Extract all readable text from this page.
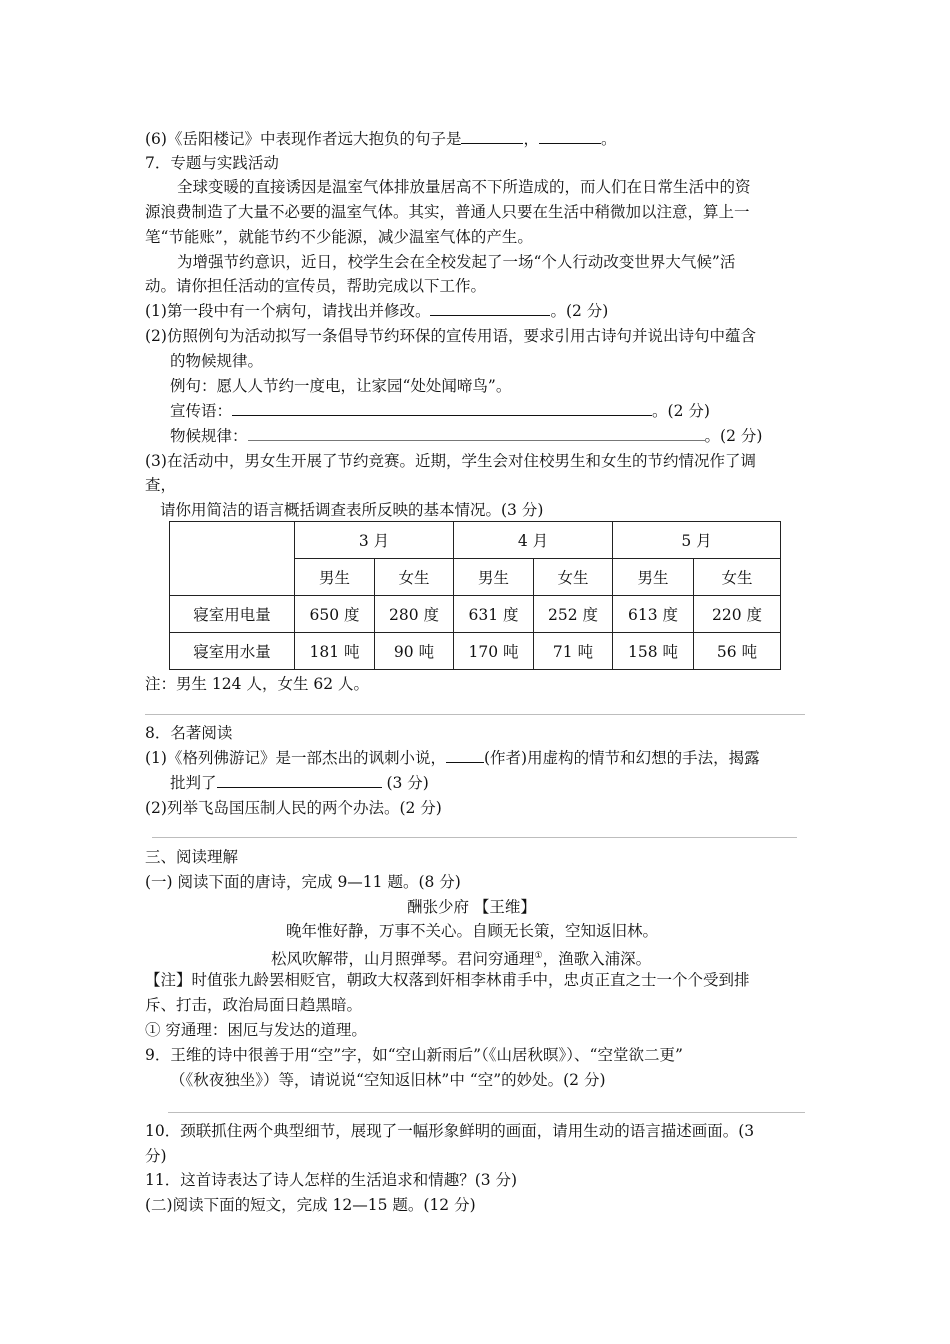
(6)《岳阳楼记》中表现作者远大抱负的句子是	，	。
7．专题与实践活动
全球变暖的直接诱因是温室气体排放量居高不下所造成的，而人们在日常生活中的资
源浪费制造了大量不必要的温室气体。其实，普通人只要在生活中稍微加以注意，算上一
笔“节能账”，就能节约不少能源，减少温室气体的产生。
为增强节约意识，近日，校学生会在全校发起了一场“个人行动改变世界大气候”活
动。请你担任活动的宣传员，帮助完成以下工作。
(1)第一段中有一个病句，请找出并修改。	。(2 分)
(2)仿照例句为活动拟写一条倡导节约环保的宣传用语，要求引用古诗句并说出诗句中蕴含
的物候规律。
例句：愿人人节约一度电，让家园“处处闻啼鸟”。
宣传语：	。(2 分)
物候规律：	。(2 分)
(3)在活动中，男女生开展了节约竞赛。近期，学生会对住校男生和女生的节约情况作了调
查，
请你用简洁的语言概括调查表所反映的基本情况。(3 分)
	3 月		4 月		5 月	
	男生	女生	男生	女生	男生	女生
寝室用电量	650 度	280 度	631 度	252 度	613 度	220 度
寝室用水量	181 吨	90 吨	170 吨	71 吨	158 吨	56 吨
注：男生 124 人，女生 62 人。
8．名著阅读
(1)《格列佛游记》是一部杰出的讽刺小说， (作者)用虚构的情节和幻想的手法，揭露
批判了	(3 分)
(2)列举飞岛国压制人民的两个办法。(2 分)
三、阅读理解
(一) 阅读下面的唐诗，完成 9—11 题。(8 分)
酬张少府 【王维】
晚年惟好静，万事不关心。自顾无长策，空知返旧林。
松风吹解带，山月照弹琴。君问穷通理①，渔歌入浦深。
【注】时值张九龄罢相贬官，朝政大权落到奸相李林甫手中，忠贞正直之士一个个受到排
斥、打击，政治局面日趋黑暗。
① 穷通理：困厄与发达的道理。
9．王维的诗中很善于用“空”字，如“空山新雨后”（《山居秋暝》）、“空堂欲二更”
（《秋夜独坐》）等，请说说“空知返旧林”中 “空”的妙处。(2 分)
10．颈联抓住两个典型细节，展现了一幅形象鲜明的画面，请用生动的语言描述画面。(3
分)
11．这首诗表达了诗人怎样的生活追求和情趣？(3 分)
(二)阅读下面的短文，完成 12—15 题。(12 分)
